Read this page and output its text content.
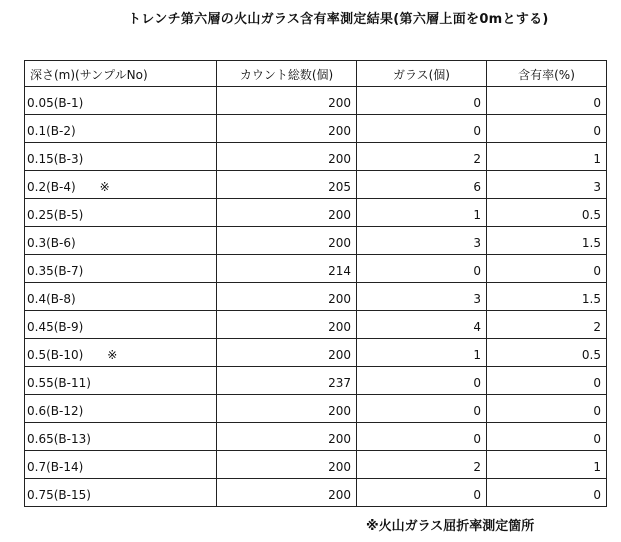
トレンチ第六層の火山ガラス含有率測定結果(第六層上面を0mとする)
深さ(m)(サンプルNo)	カウント総数(個)	ガラス(個)	含有率(%)
0.05(B-1)	200	0	0
0.1(B-2)	200	0	0
0.15(B-3)	200	2	1
0.2(B-4) ※	205	6	3
0.25(B-5)	200	1	0.5
0.3(B-6)	200	3	1.5
0.35(B-7)	214	0	0
0.4(B-8)	200	3	1.5
0.45(B-9)	200	4	2
0.5(B-10) ※	200	1	0.5
0.55(B-11)	237	0	0
0.6(B-12)	200	0	0
0.65(B-13)	200	0	0
0.7(B-14)	200	2	1
0.75(B-15)	200	0	0
※火山ガラス屈折率測定箇所
